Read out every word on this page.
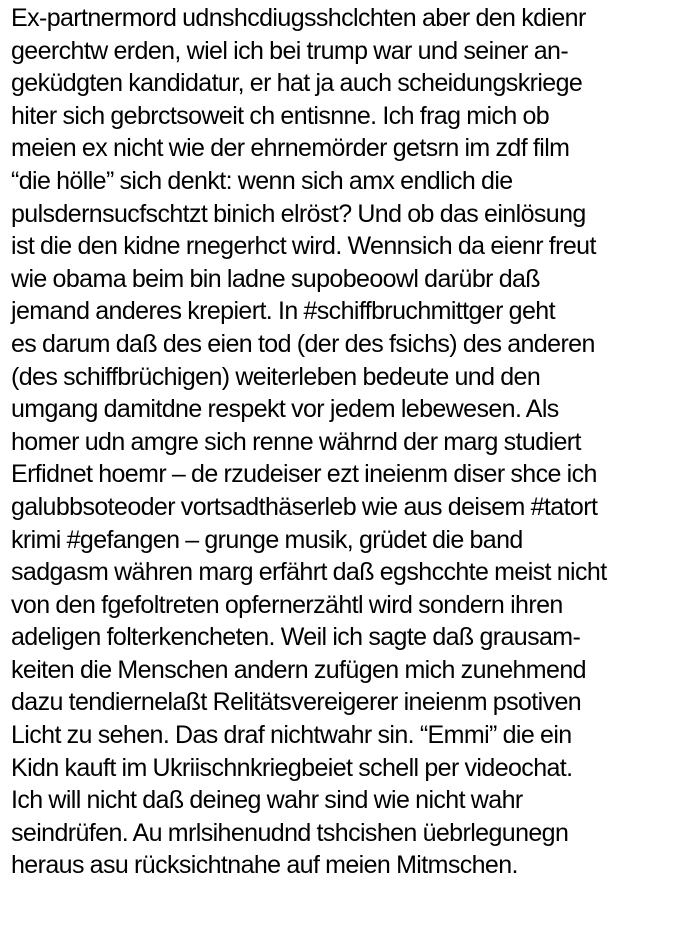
Ex-partnermord udnshcdiugsshclchten aber den kdienr
geerchtw erden, wiel ich bei trump war und seiner an-
geküdgten kandidatur, er hat ja auch scheidungskriege
hiter sich gebrctsoweit ch entisnne. Ich frag mich ob
meien ex nicht wie der ehrnemörder getsrn im zdf film
“die hölle” sich denkt: wenn sich amx endlich die
pulsdernsucfschtzt binich elröst? Und ob das einlösung
ist die den kidne rnegerhct wird. Wennsich da eienr freut
wie obama beim bin ladne supobeoowl darübr daß
jemand anderes krepiert. In #schiffbruchmittger geht
es darum daß des eien tod (der des fsichs) des anderen
(des schiffbrüchigen) weiterleben bedeute und den
umgang damitdne respekt vor jedem lebewesen. Als
homer udn amgre sich renne währnd der marg studiert
Erfidnet hoemr – de rzudeiser ezt ineienm diser shce ich
galubbsoteoder vortsadthäserleb wie aus deisem #tatort
krimi #gefangen – grunge musik, grüdet die band
sadgasm währen marg erfährt daß egshcchte meist nicht
von den fgefoltreten opfernerzähtl wird sondern ihren
adeligen folterkencheten. Weil ich sagte daß grausam-
keiten die Menschen andern zufügen mich zunehmend
dazu tendiernelaßt Relitätsvereigerer ineienm psotiven
Licht zu sehen. Das draf nichtwahr sin. “Emmi” die ein
Kidn kauft im Ukriischnkriegbeiet schell per videochat.
Ich will nicht daß deineg wahr sind wie nicht wahr
seindrüfen. Au mrlsihenudnd tshcishen üebrlegunegn
heraus asu rücksichtnahe auf meien Mitmschen.
